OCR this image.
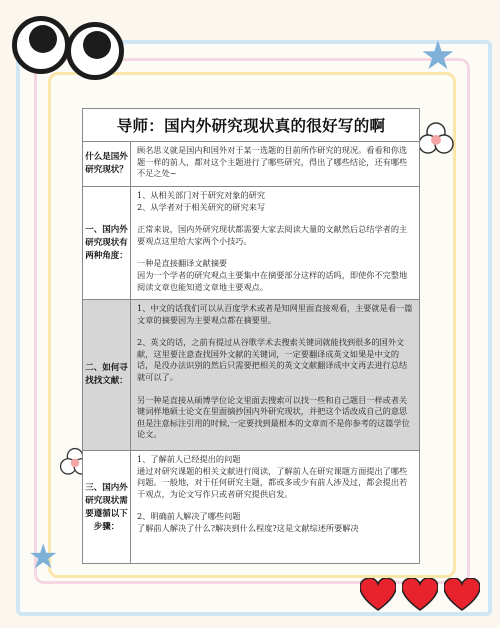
★
★
导师：国内外研究现状真的很好写的啊
什么是国外研究现状？

顾名思义就是国内和国外对于某一选题的目前所作研究的现况。看看和你选题一样的前人，都对这个主题进行了哪些研究，得出了哪些结论，还有哪些不足之处~

一、国内外研究现状有两种角度：

1、从相关部门对于研究对象的研究

2、从学者对于相关研究的研究来写

正常来说，国内外研究现状都需要大家去阅读大量的文献然后总结学者的主要观点这里给大家两个小技巧。

一种是直接翻译文献摘要

因为一个学者的研究观点主要集中在摘要部分这样的话吗，即使你不完整地阅读文章也能知道文章地主要观点。

二、如何寻找找文献：

1、中文的话我们可以从百度学术或者是知网里面直接观看，主要就是看一篇文章的摘要因为主要观点都在摘要里。

2、英文的话，之前有提过从谷歌学术去搜索关键词就能找到很多的国外文献，这里要注意查找国外文献的关键词，一定要翻译成英文如果是中文的话，是没办法识别的然后只需要把相关的英文文献翻译成中文再去进行总结就可以了。

另一种是直接从硕博学位论文里面去搜索可以找一些和自己题目一样或者关键词样地硕士论文在里面摘抄国内外研究现状，并把这个话改成自己的意思但是注意标注引用的时候,一定要找到最根本的文章而不是你参考的这篇学位论文。

三、国内外研究现状需要遵循以下步骤：

1、了解前人已经提出的问题

通过对研究课题的相关文献进行阅读，了解前人在研究课题方面提出了哪些问题。一般地，对于任何研究主题，都或多或少有前人涉及过，都会提出若干观点，为论文写作只或者研究提供启发。

2、明确前人解决了哪些问题

了解前人解决了什么?解决到什么程度?这是文献综述所要解决
